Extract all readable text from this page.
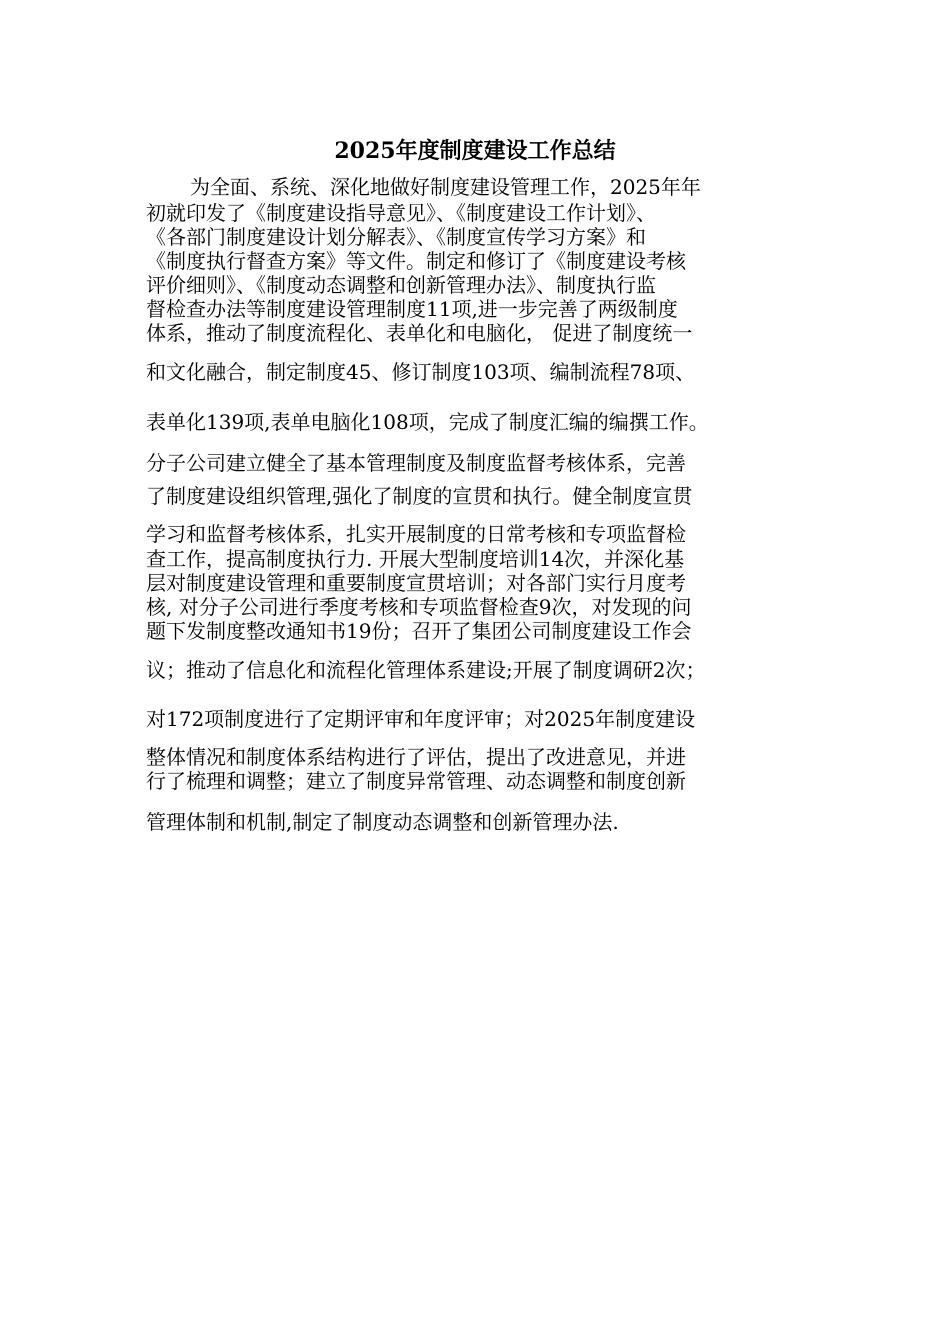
2025年度制度建设工作总结
为全面、系统、深化地做好制度建设管理工作，2025年年
初就印发了《制度建设指导意见》、《制度建设工作计划》、
《各部门制度建设计划分解表》、《制度宣传学习方案》和
《制度执行督查方案》等文件。制定和修订了《制度建设考核
评价细则》、《制度动态调整和创新管理办法》、制度执行监
督检查办法等制度建设管理制度11项,进一步完善了两级制度
体系，推动了制度流程化、表单化和电脑化， 促进了制度统一
和文化融合，制定制度45、修订制度103项、编制流程78项、
表单化139项,表单电脑化108项，完成了制度汇编的编撰工作。
分子公司建立健全了基本管理制度及制度监督考核体系，完善
了制度建设组织管理,强化了制度的宣贯和执行。健全制度宣贯
学习和监督考核体系，扎实开展制度的日常考核和专项监督检
查工作，提高制度执行力. 开展大型制度培训14次，并深化基
层对制度建设管理和重要制度宣贯培训；对各部门实行月度考
核, 对分子公司进行季度考核和专项监督检查9次，对发现的问
题下发制度整改通知书19份；召开了集团公司制度建设工作会
议；推动了信息化和流程化管理体系建设;开展了制度调研2次；
对172项制度进行了定期评审和年度评审；对2025年制度建设
整体情况和制度体系结构进行了评估，提出了改进意见，并进
行了梳理和调整；建立了制度异常管理、动态调整和制度创新
管理体制和机制,制定了制度动态调整和创新管理办法.
